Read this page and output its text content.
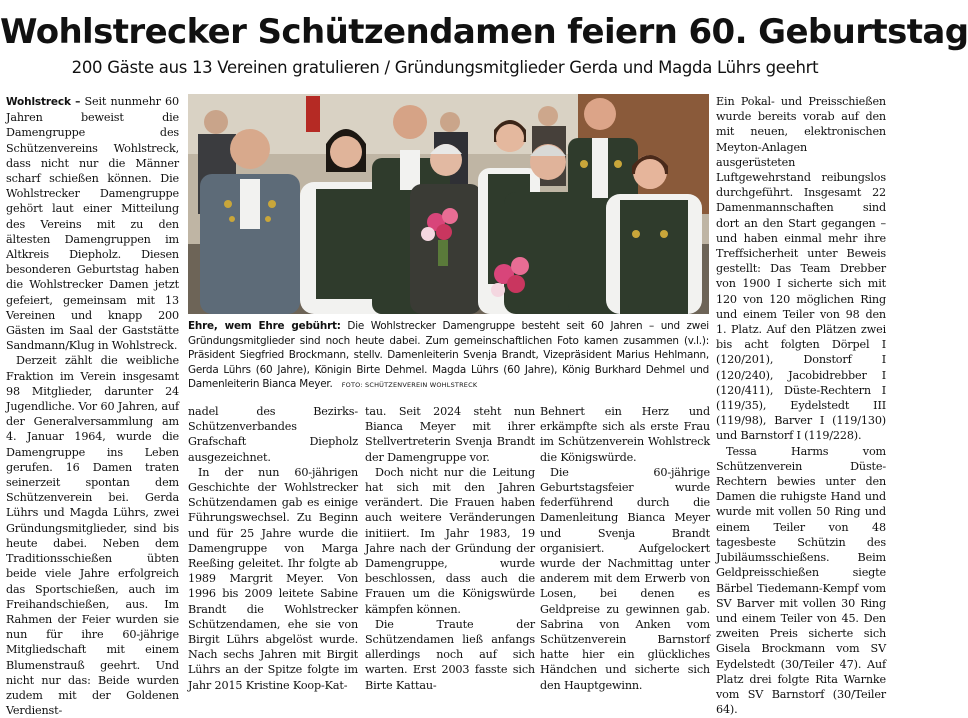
Wohlstrecker Schützendamen feiern 60. Geburtstag
200 Gäste aus 13 Vereinen gratulieren / Gründungsmitglieder Gerda und Magda Lührs geehrt

Wohlstreck – Seit nunmehr 60 Jahren beweist die Damengruppe des Schützenvereins Wohlstreck, dass nicht nur die Männer scharf schießen können. Die Wohlstrecker Damengruppe gehört laut einer Mitteilung des Vereins mit zu den ältesten Damengruppen im Altkreis Diepholz. Diesen besonderen Geburtstag haben die Wohlstrecker Damen jetzt gefeiert, gemeinsam mit 13 Vereinen und knapp 200 Gästen im Saal der Gaststätte Sandmann/Klug in Wohlstreck.

Derzeit zählt die weibliche Fraktion im Verein insgesamt 98 Mitglieder, darunter 24 Jugendliche. Vor 60 Jahren, auf der Generalversammlung am 4. Januar 1964, wurde die Damengruppe ins Leben gerufen. 16 Damen traten seinerzeit spontan dem Schützenverein bei. Gerda Lührs und Magda Lührs, zwei Gründungsmitglieder, sind bis heute dabei. Neben dem Traditionsschießen übten beide viele Jahre erfolgreich das Sportschießen, auch im Freihandschießen, aus. Im Rahmen der Feier wurden sie nun für ihre 60-jährige Mitgliedschaft mit einem Blumenstrauß geehrt. Und nicht nur das: Beide wurden zudem mit der Goldenen Verdienst-

Ehre, wem Ehre gebührt: Die Wohlstrecker Damengruppe besteht seit 60 Jahren – und zwei Gründungsmitglieder sind noch heute dabei. Zum gemeinschaftlichen Foto kamen zusammen (v.l.): Präsident Siegfried Brockmann, stellv. Damenleiterin Svenja Brandt, Vizepräsident Marius Hehlmann, Gerda Lührs (60 Jahre), Königin Birte Dehmel. Magda Lührs (60 Jahre), König Burkhard Dehmel und Damenleiterin Bianca Meyer. FOTO: SCHÜTZENVEREIN WOHLSTRECK

nadel des Bezirks-Schützenverbandes Grafschaft Diepholz ausgezeichnet.

In der nun 60-jährigen Geschichte der Wohlstrecker Schützendamen gab es einige Führungswechsel. Zu Beginn und für 25 Jahre wurde die Damengruppe von Marga Reeßing geleitet. Ihr folgte ab 1989 Margrit Meyer. Von 1996 bis 2009 leitete Sabine Brandt die Wohlstrecker Schützendamen, ehe sie von Birgit Lührs abgelöst wurde. Nach sechs Jahren mit Birgit Lührs an der Spitze folgte im Jahr 2015 Kristine Koop-Kat-

tau. Seit 2024 steht nun Bianca Meyer mit ihrer Stellvertreterin Svenja Brandt der Damengruppe vor.

Doch nicht nur die Leitung hat sich mit den Jahren verändert. Die Frauen haben auch weitere Veränderungen initiiert. Im Jahr 1983, 19 Jahre nach der Gründung der Damengruppe, wurde beschlossen, dass auch die Frauen um die Königswürde kämpfen können.

Die Traute der Schützendamen ließ anfangs allerdings noch auf sich warten. Erst 2003 fasste sich Birte Kattau-

Behnert ein Herz und erkämpfte sich als erste Frau im Schützenverein Wohlstreck die Königswürde.

Die 60-jährige Geburtstagsfeier wurde federführend durch die Damenleitung Bianca Meyer und Svenja Brandt organisiert. Aufgelockert wurde der Nachmittag unter anderem mit dem Erwerb von Losen, bei denen es Geldpreise zu gewinnen gab. Sabrina von Anken vom Schützenverein Barnstorf hatte hier ein glückliches Händchen und sicherte sich den Hauptgewinn.

Ein Pokal- und Preisschießen wurde bereits vorab auf den mit neuen, elektronischen Meyton-Anlagen ausgerüsteten Luftgewehrstand reibungslos durchgeführt. Insgesamt 22 Damenmannschaften sind dort an den Start gegangen – und haben einmal mehr ihre Treffsicherheit unter Beweis gestellt: Das Team Drebber von 1900 I sicherte sich mit 120 von 120 möglichen Ring und einem Teiler von 98 den 1. Platz. Auf den Plätzen zwei bis acht folgten Dörpel I (120/201), Donstorf I (120/240), Jacobidrebber I (120/411), Düste-Rechtern I (119/35), Eydelstedt III (119/98), Barver I (119/130) und Barnstorf I (119/228).

Tessa Harms vom Schützenverein Düste-Rechtern bewies unter den Damen die ruhigste Hand und wurde mit vollen 50 Ring und einem Teiler von 48 tagesbeste Schützin des Jubiläumsschießens. Beim Geldpreisschießen siegte Bärbel Tiedemann-Kempf vom SV Barver mit vollen 30 Ring und einem Teiler von 45. Den zweiten Preis sicherte sich Gisela Brockmann vom SV Eydelstedt (30/Teiler 47). Auf Platz drei folgte Rita Warnke vom SV Barnstorf (30/Teiler 64).
